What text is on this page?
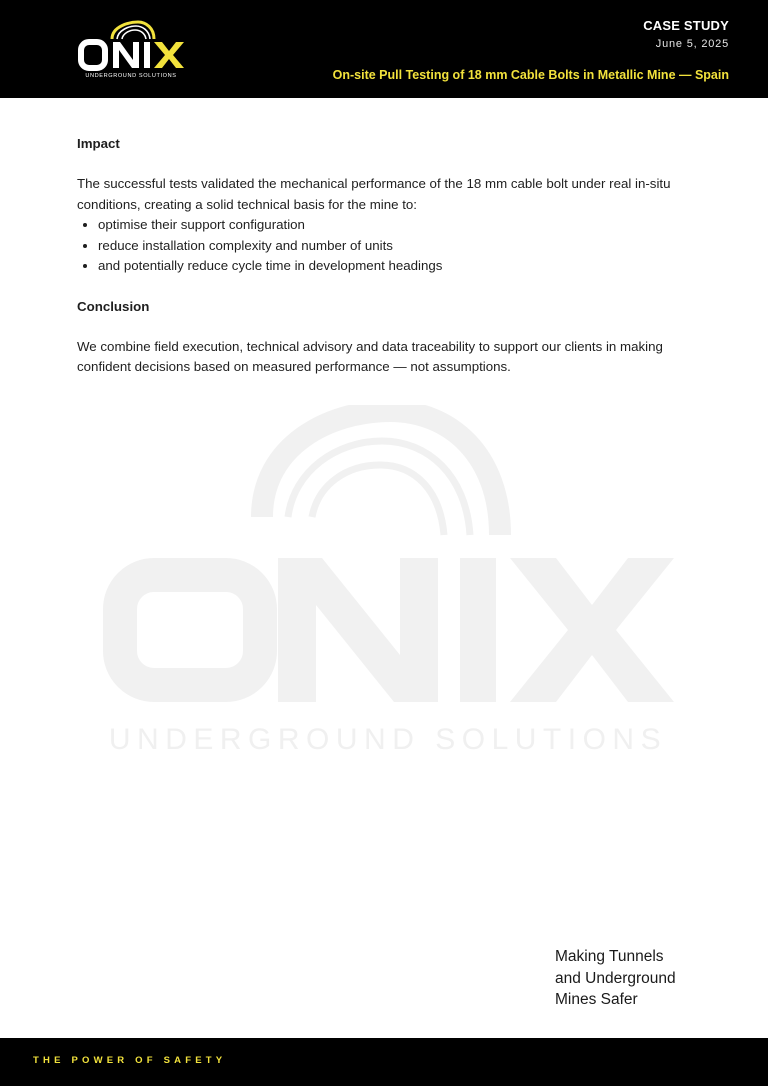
UNDERGROUND SOLUTIONS
CASE STUDY
June 5, 2025
On-site Pull Testing of 18 mm Cable Bolts in Metallic Mine — Spain
UNDERGROUND SOLUTIONS
Impact

The successful tests validated the mechanical performance of the 18 mm cable bolt under real in-situ conditions, creating a solid technical basis for the mine to:

• optimise their support configuration
• reduce installation complexity and number of units
• and potentially reduce cycle time in development headings
Conclusion

We combine field execution, technical advisory and data traceability to support our clients in making confident decisions based on measured performance — not assumptions.

Making Tunnels
and Underground
Mines Safer
THE POWER OF SAFETY
